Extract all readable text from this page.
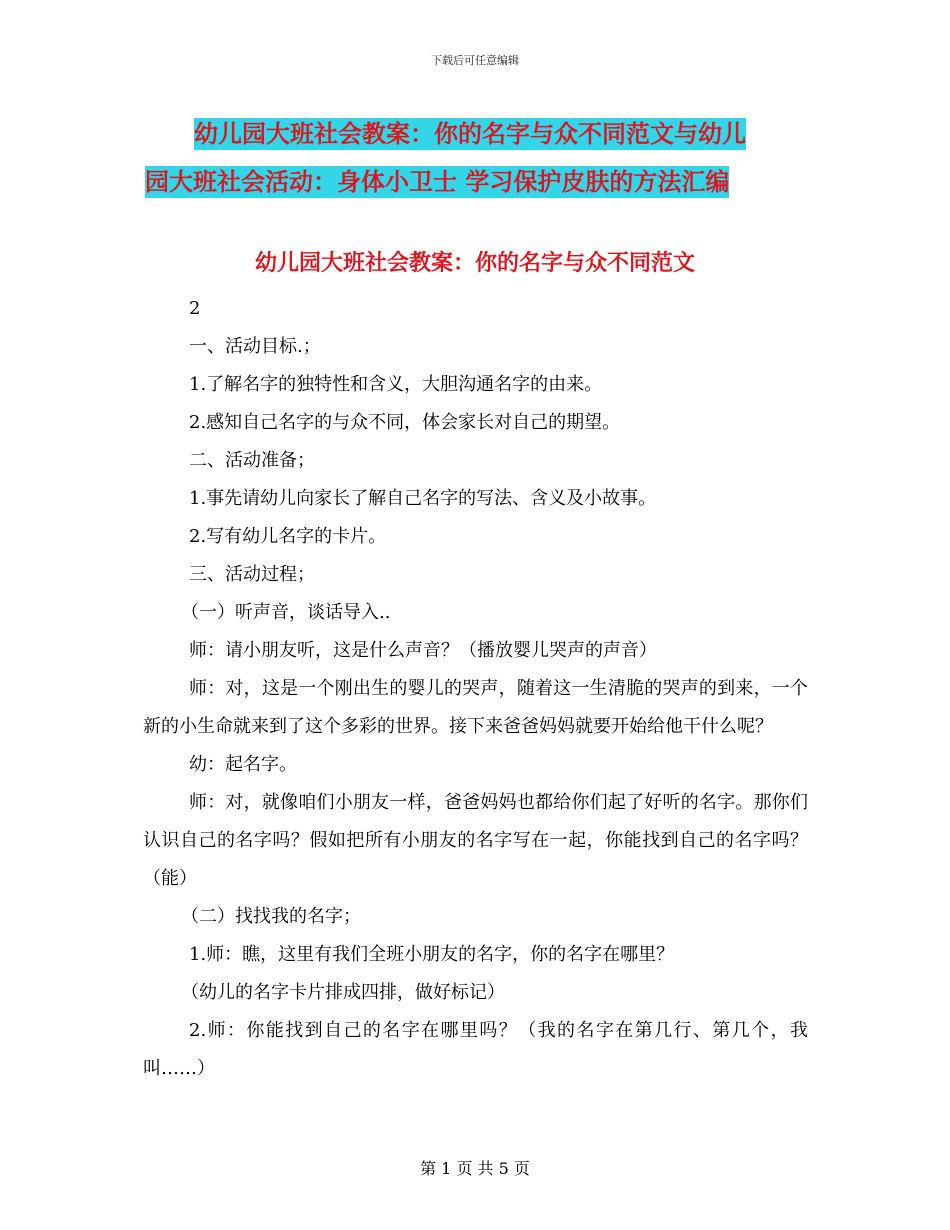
下载后可任意编辑
幼儿园大班社会教案：你的名字与众不同范文与幼儿
园大班社会活动：身体小卫士 学习保护皮肤的方法汇编
幼儿园大班社会教案：你的名字与众不同范文

2

一、活动目标.；

1.了解名字的独特性和含义，大胆沟通名字的由来。

2.感知自己名字的与众不同，体会家长对自己的期望。

二、活动准备；

1.事先请幼儿向家长了解自己名字的写法、含义及小故事。

2.写有幼儿名字的卡片。

三、活动过程；

（一）听声音，谈话导入..

师：请小朋友听，这是什么声音？（播放婴儿哭声的声音）

师：对，这是一个刚出生的婴儿的哭声，随着这一生清脆的哭声的到来，一个新的小生命就来到了这个多彩的世界。接下来爸爸妈妈就要开始给他干什么呢？

幼：起名字。

师：对，就像咱们小朋友一样，爸爸妈妈也都给你们起了好听的名字。那你们认识自己的名字吗？假如把所有小朋友的名字写在一起，你能找到自己的名字吗？（能）

（二）找找我的名字；

1.师：瞧，这里有我们全班小朋友的名字，你的名字在哪里？

（幼儿的名字卡片排成四排，做好标记）

2.师：你能找到自己的名字在哪里吗？（我的名字在第几行、第几个，我叫……）

第 1 页 共 5 页
